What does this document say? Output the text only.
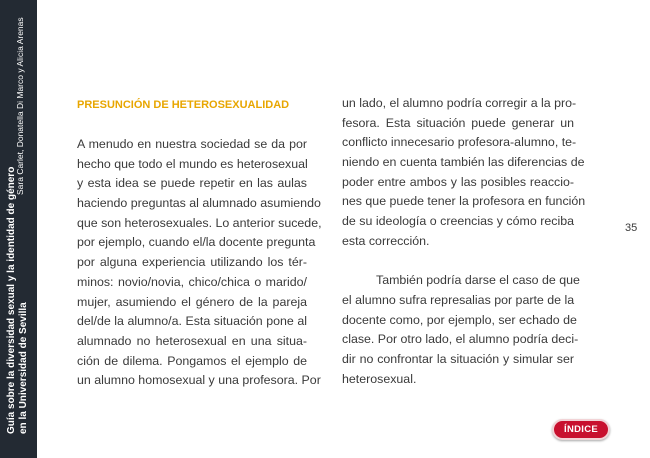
Sara Carlet, Donatella Di Marco y Alicia Arenas
Guía sobre la diversidad sexual y la identidad de género en la Universidad de Sevilla
PRESUNCIÓN DE HETEROSEXUALIDAD
A menudo en nuestra sociedad se da por
hecho que todo el mundo es heterosexual
y esta idea se puede repetir en las aulas
haciendo preguntas al alumnado asumiendo
que son heterosexuales. Lo anterior sucede,
por ejemplo, cuando el/la docente pregunta
por alguna experiencia utilizando los tér-
minos: novio/novia, chico/chica o marido/
mujer, asumiendo el género de la pareja
del/de la alumno/a. Esta situación pone al
alumnado no heterosexual en una situa-
ción de dilema. Pongamos el ejemplo de
un alumno homosexual y una profesora. Por
un lado, el alumno podría corregir a la pro-
fesora. Esta situación puede generar un
conflicto innecesario profesora-alumno, te-
niendo en cuenta también las diferencias de
poder entre ambos y las posibles reaccio-
nes que puede tener la profesora en función
de su ideología o creencias y cómo reciba
esta corrección.
También podría darse el caso de que
el alumno sufra represalias por parte de la
docente como, por ejemplo, ser echado de
clase. Por otro lado, el alumno podría deci-
dir no confrontar la situación y simular ser
heterosexual.
35
ÍNDICE
